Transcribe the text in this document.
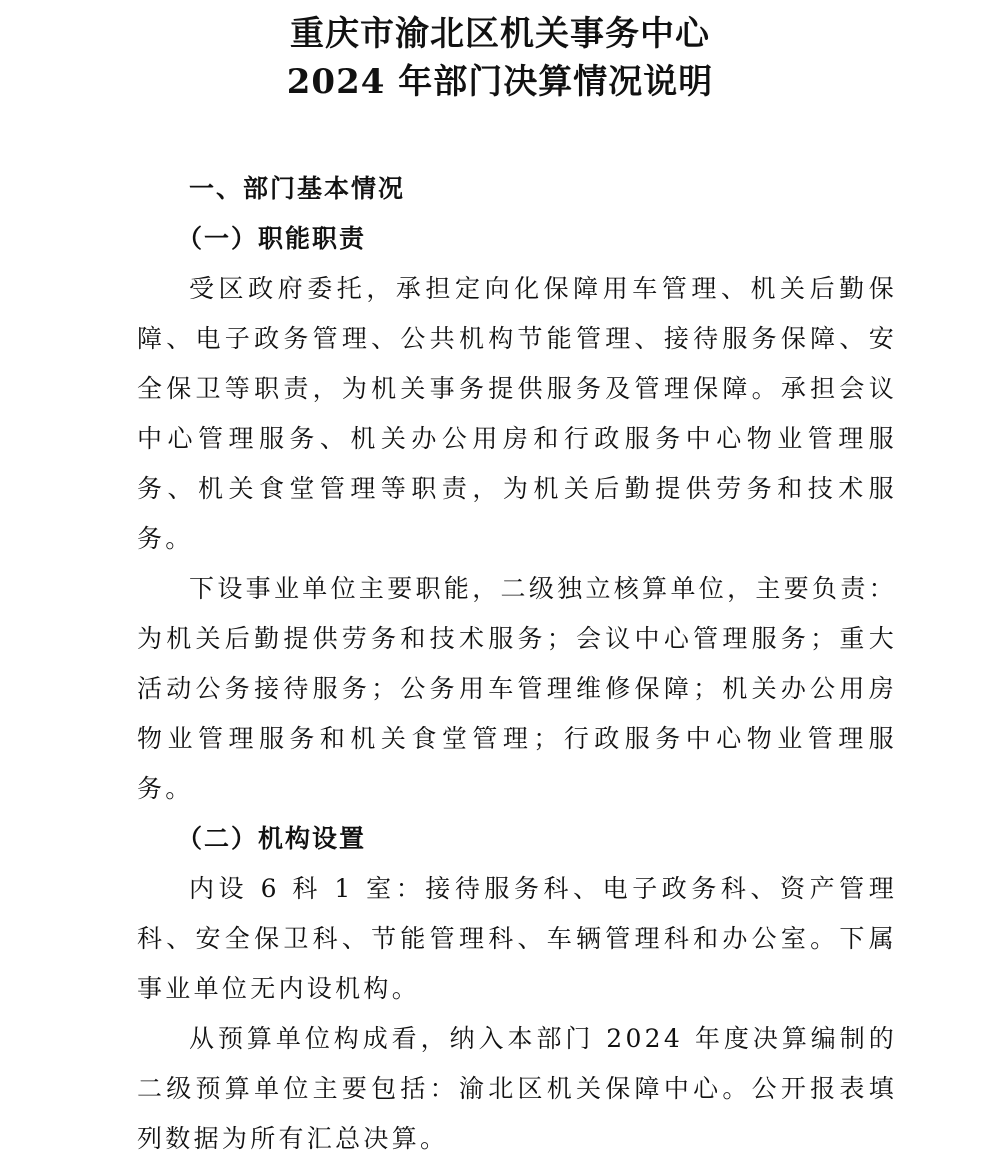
重庆市渝北区机关事务中心
2024 年部门决算情况说明

一、部门基本情况

（一）职能职责

受区政府委托，承担定向化保障用车管理、机关后勤保障、电子政务管理、公共机构节能管理、接待服务保障、安全保卫等职责，为机关事务提供服务及管理保障。承担会议中心管理服务、机关办公用房和行政服务中心物业管理服务、机关食堂管理等职责，为机关后勤提供劳务和技术服务。

下设事业单位主要职能，二级独立核算单位，主要负责：为机关后勤提供劳务和技术服务；会议中心管理服务；重大活动公务接待服务；公务用车管理维修保障；机关办公用房物业管理服务和机关食堂管理；行政服务中心物业管理服务。

（二）机构设置

内设 6 科 1 室：接待服务科、电子政务科、资产管理科、安全保卫科、节能管理科、车辆管理科和办公室。下属事业单位无内设机构。

从预算单位构成看，纳入本部门 2024 年度决算编制的二级预算单位主要包括：渝北区机关保障中心。公开报表填列数据为所有汇总决算。
